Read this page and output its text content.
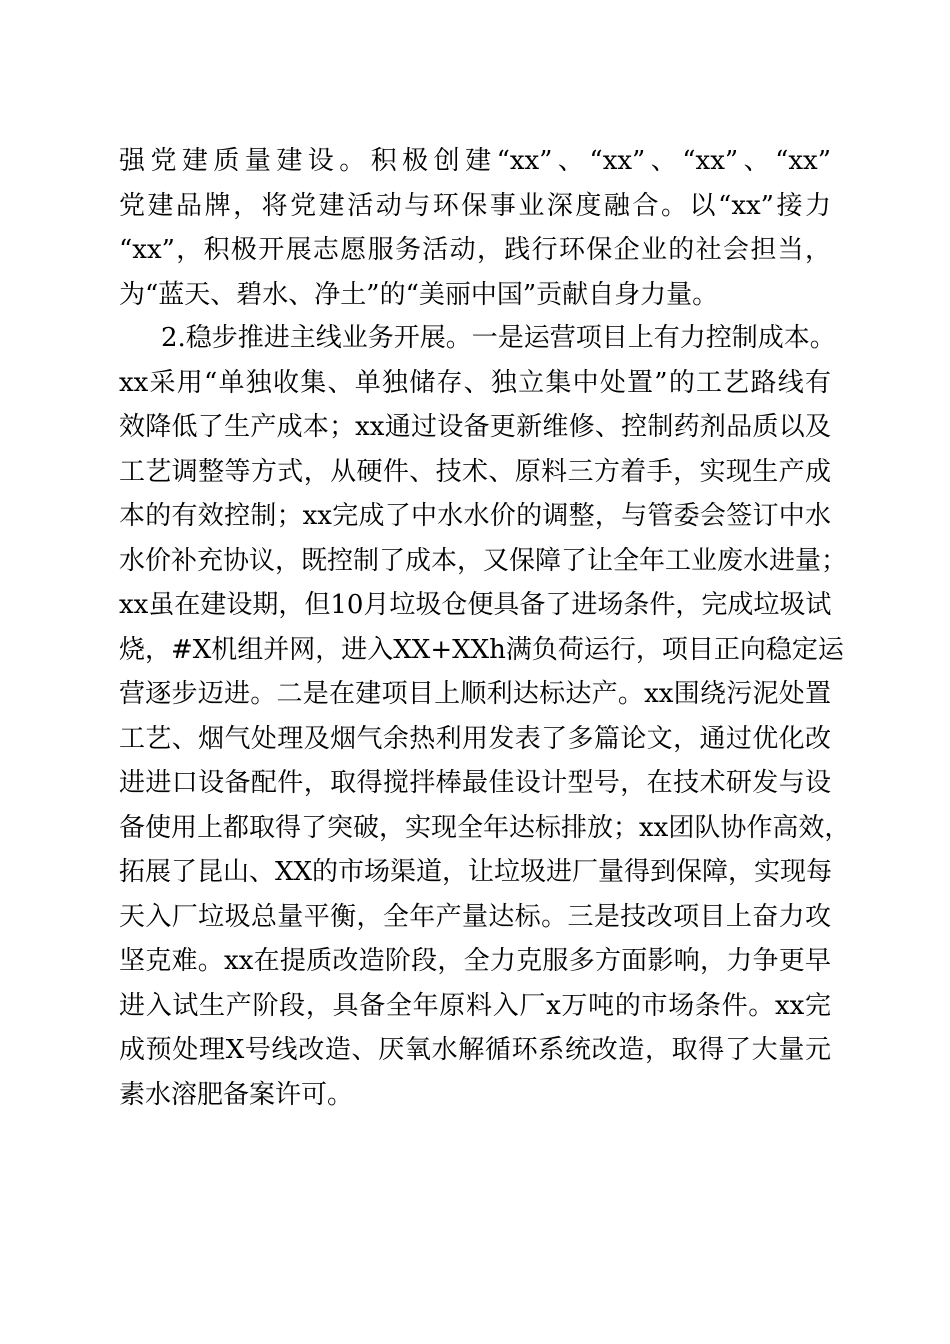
强党建质量建设。积极创建“xx”、“xx”、“xx”、“xx”
党建品牌，将党建活动与环保事业深度融合。以“xx”接力
“xx”，积极开展志愿服务活动，践行环保企业的社会担当，
为“蓝天、碧水、净土”的“美丽中国”贡献自身力量。
2.稳步推进主线业务开展。一是运营项目上有力控制成本。
xx采用“单独收集、单独储存、独立集中处置”的工艺路线有
效降低了生产成本；xx通过设备更新维修、控制药剂品质以及
工艺调整等方式，从硬件、技术、原料三方着手，实现生产成
本的有效控制；xx完成了中水水价的调整，与管委会签订中水
水价补充协议，既控制了成本，又保障了让全年工业废水进量；
xx虽在建设期，但10月垃圾仓便具备了进场条件，完成垃圾试
烧，#X机组并网，进入XX+XXh满负荷运行，项目正向稳定运
营逐步迈进。二是在建项目上顺利达标达产。xx围绕污泥处置
工艺、烟气处理及烟气余热利用发表了多篇论文，通过优化改
进进口设备配件，取得搅拌棒最佳设计型号，在技术研发与设
备使用上都取得了突破，实现全年达标排放；xx团队协作高效，
拓展了昆山、XX的市场渠道，让垃圾进厂量得到保障，实现每
天入厂垃圾总量平衡，全年产量达标。三是技改项目上奋力攻
坚克难。xx在提质改造阶段，全力克服多方面影响，力争更早
进入试生产阶段，具备全年原料入厂x万吨的市场条件。xx完
成预处理X号线改造、厌氧水解循环系统改造，取得了大量元
素水溶肥备案许可。
